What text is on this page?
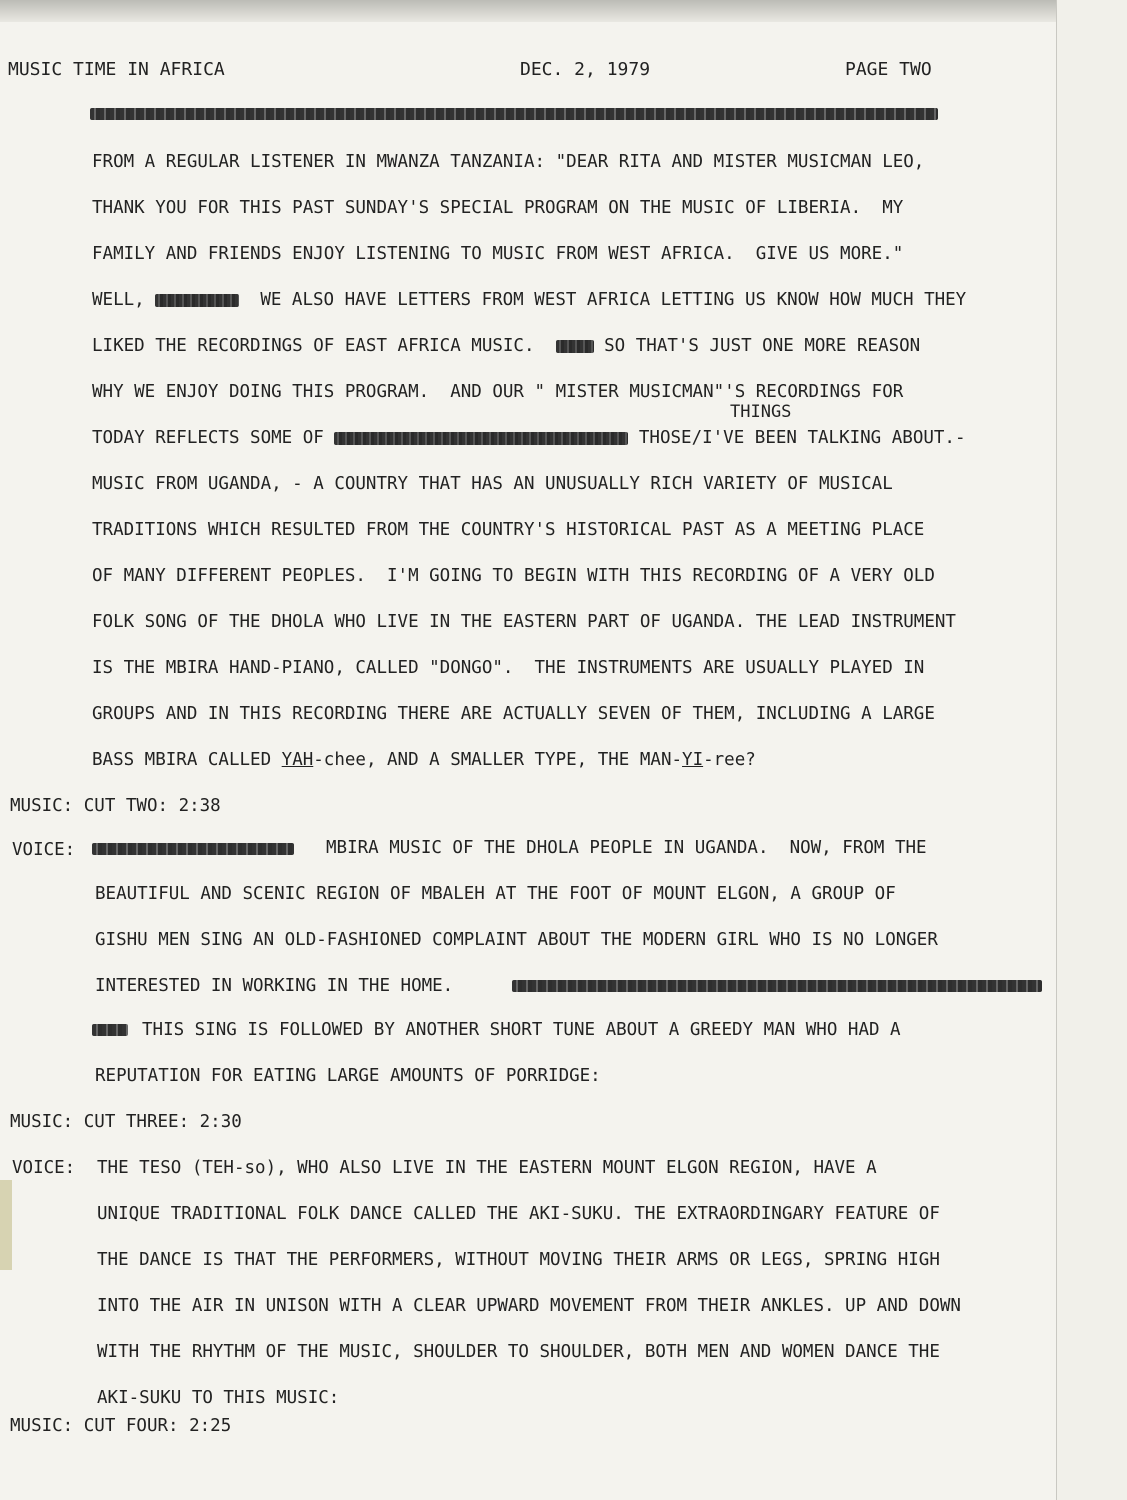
MUSIC TIME IN AFRICA	DEC. 2, 1979	PAGE TWO
FROM A REGULAR LISTENER IN MWANZA TANZANIA: "DEAR RITA AND MISTER MUSICMAN LEO,
THANK YOU FOR THIS PAST SUNDAY'S SPECIAL PROGRAM ON THE MUSIC OF LIBERIA.  MY
FAMILY AND FRIENDS ENJOY LISTENING TO MUSIC FROM WEST AFRICA.  GIVE US MORE."
WELL,	WE ALSO HAVE LETTERS FROM WEST AFRICA LETTING US KNOW HOW MUCH THEY
LIKED THE RECORDINGS OF EAST AFRICA MUSIC.	SO THAT'S JUST ONE MORE REASON
WHY WE ENJOY DOING THIS PROGRAM.  AND OUR " MISTER MUSICMAN"'S RECORDINGS FOR
THINGS
TODAY REFLECTS SOME OF	THOSE/I'VE BEEN TALKING ABOUT.-
MUSIC FROM UGANDA, - A COUNTRY THAT HAS AN UNUSUALLY RICH VARIETY OF MUSICAL
TRADITIONS WHICH RESULTED FROM THE COUNTRY'S HISTORICAL PAST AS A MEETING PLACE
OF MANY DIFFERENT PEOPLES.  I'M GOING TO BEGIN WITH THIS RECORDING OF A VERY OLD
FOLK SONG OF THE DHOLA WHO LIVE IN THE EASTERN PART OF UGANDA. THE LEAD INSTRUMENT
IS THE MBIRA HAND-PIANO, CALLED "DONGO".  THE INSTRUMENTS ARE USUALLY PLAYED IN
GROUPS AND IN THIS RECORDING THERE ARE ACTUALLY SEVEN OF THEM, INCLUDING A LARGE
BASS MBIRA CALLED YAH-chee, AND A SMALLER TYPE, THE MAN-YI-ree?
MUSIC: CUT TWO: 2:38
VOICE:	MBIRA MUSIC OF THE DHOLA PEOPLE IN UGANDA.  NOW, FROM THE
BEAUTIFUL AND SCENIC REGION OF MBALEH AT THE FOOT OF MOUNT ELGON, A GROUP OF
GISHU MEN SING AN OLD-FASHIONED COMPLAINT ABOUT THE MODERN GIRL WHO IS NO LONGER
INTERESTED IN WORKING IN THE HOME.
THIS SING IS FOLLOWED BY ANOTHER SHORT TUNE ABOUT A GREEDY MAN WHO HAD A
REPUTATION FOR EATING LARGE AMOUNTS OF PORRIDGE:
MUSIC: CUT THREE: 2:30
VOICE: THE TESO (TEH-so), WHO ALSO LIVE IN THE EASTERN MOUNT ELGON REGION, HAVE A
UNIQUE TRADITIONAL FOLK DANCE CALLED THE AKI-SUKU. THE EXTRAORDINGARY FEATURE OF
THE DANCE IS THAT THE PERFORMERS, WITHOUT MOVING THEIR ARMS OR LEGS, SPRING HIGH
INTO THE AIR IN UNISON WITH A CLEAR UPWARD MOVEMENT FROM THEIR ANKLES. UP AND DOWN
WITH THE RHYTHM OF THE MUSIC, SHOULDER TO SHOULDER, BOTH MEN AND WOMEN DANCE THE
AKI-SUKU TO THIS MUSIC:
MUSIC: CUT FOUR: 2:25
